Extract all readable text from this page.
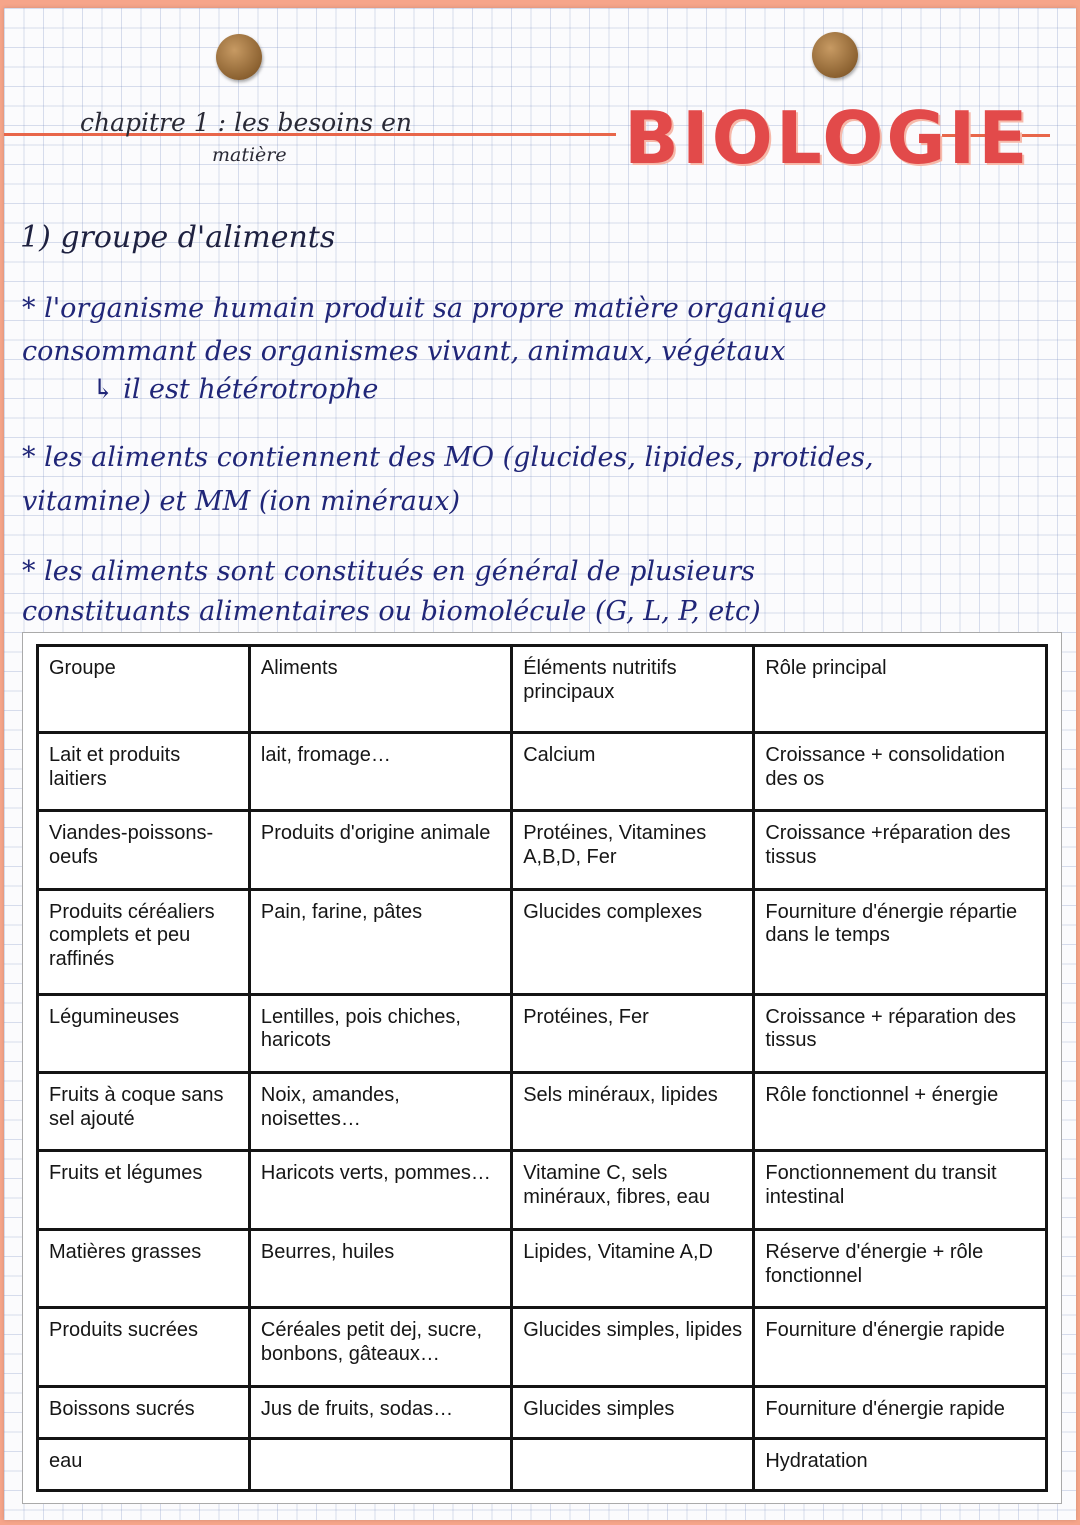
chapitre 1 : les besoins en
matière	BIOLOGIE
1) groupe d'aliments
* l'organisme humain produit sa propre matière organique
consommant des organismes vivant, animaux, végétaux
↳ il est hétérotrophe
* les aliments contiennent des MO (glucides, lipides, protides,
vitamine) et MM (ion minéraux)
* les aliments sont constitués en général de plusieurs
constituants alimentaires ou biomolécule (G, L, P, etc)
Groupe	Aliments	Éléments nutritifs principaux	Rôle principal
Lait et produits laitiers	lait, fromage…	Calcium	Croissance + consolidation des os
Viandes-poissons-oeufs	Produits d'origine animale	Protéines, Vitamines A,B,D, Fer	Croissance +réparation des tissus
Produits céréaliers complets et peu raffinés	Pain, farine, pâtes	Glucides complexes	Fourniture d'énergie répartie dans le temps
Légumineuses	Lentilles, pois chiches, haricots	Protéines, Fer	Croissance + réparation des tissus
Fruits à coque sans sel ajouté	Noix, amandes, noisettes…	Sels minéraux, lipides	Rôle fonctionnel + énergie
Fruits et légumes	Haricots verts, pommes…	Vitamine C, sels minéraux, fibres, eau	Fonctionnement du transit intestinal
Matières grasses	Beurres, huiles	Lipides, Vitamine A,D	Réserve d'énergie + rôle fonctionnel
Produits sucrées	Céréales petit dej, sucre, bonbons, gâteaux…	Glucides simples, lipides	Fourniture d'énergie rapide
Boissons sucrés	Jus de fruits, sodas…	Glucides simples	Fourniture d'énergie rapide
eau			Hydratation
